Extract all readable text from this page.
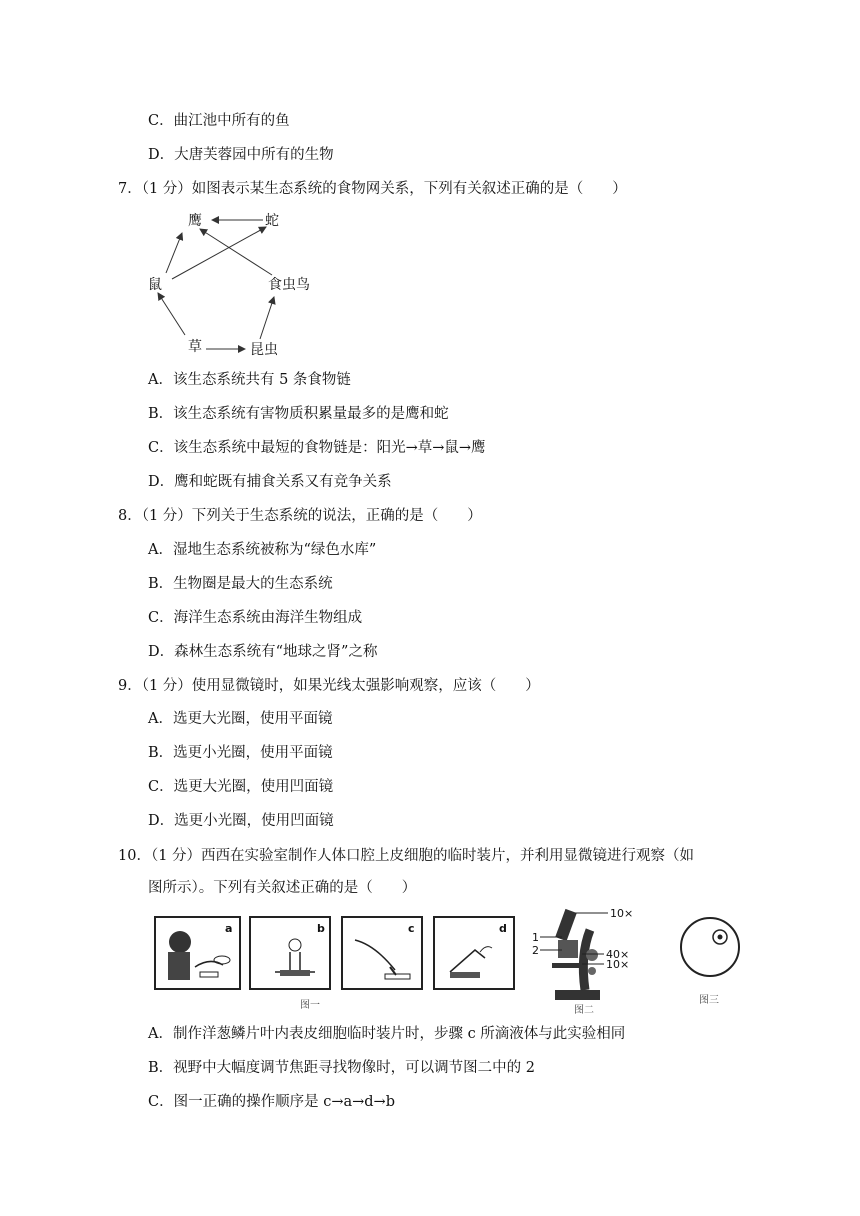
C．曲江池中所有的鱼
D．大唐芙蓉园中所有的生物
7．（1 分）如图表示某生态系统的食物网关系，下列有关叙述正确的是（　　）
鹰	蛇
鼠	食虫鸟
草	昆虫
A．该生态系统共有 5 条食物链
B．该生态系统有害物质积累量最多的是鹰和蛇
C．该生态系统中最短的食物链是：阳光→草→鼠→鹰
D．鹰和蛇既有捕食关系又有竞争关系
8．（1 分）下列关于生态系统的说法，正确的是（　　）
A．湿地生态系统被称为“绿色水库”
B．生物圈是最大的生态系统
C．海洋生态系统由海洋生物组成
D．森林生态系统有“地球之肾”之称
9．（1 分）使用显微镜时，如果光线太强影响观察，应该（　　）
A．选更大光圈，使用平面镜
B．选更小光圈，使用平面镜
C．选更大光圈，使用凹面镜
D．选更小光圈，使用凹面镜
10．（1 分）西西在实验室制作人体口腔上皮细胞的临时装片，并利用显微镜进行观察（如
图所示）。下列有关叙述正确的是（　　）
a	b	c	d
图一
1
2
10×
40×
10×
图二
图三
A．制作洋葱鳞片叶内表皮细胞临时装片时，步骤 c 所滴液体与此实验相同
B．视野中大幅度调节焦距寻找物像时，可以调节图二中的 2
C．图一正确的操作顺序是 c→a→d→b
